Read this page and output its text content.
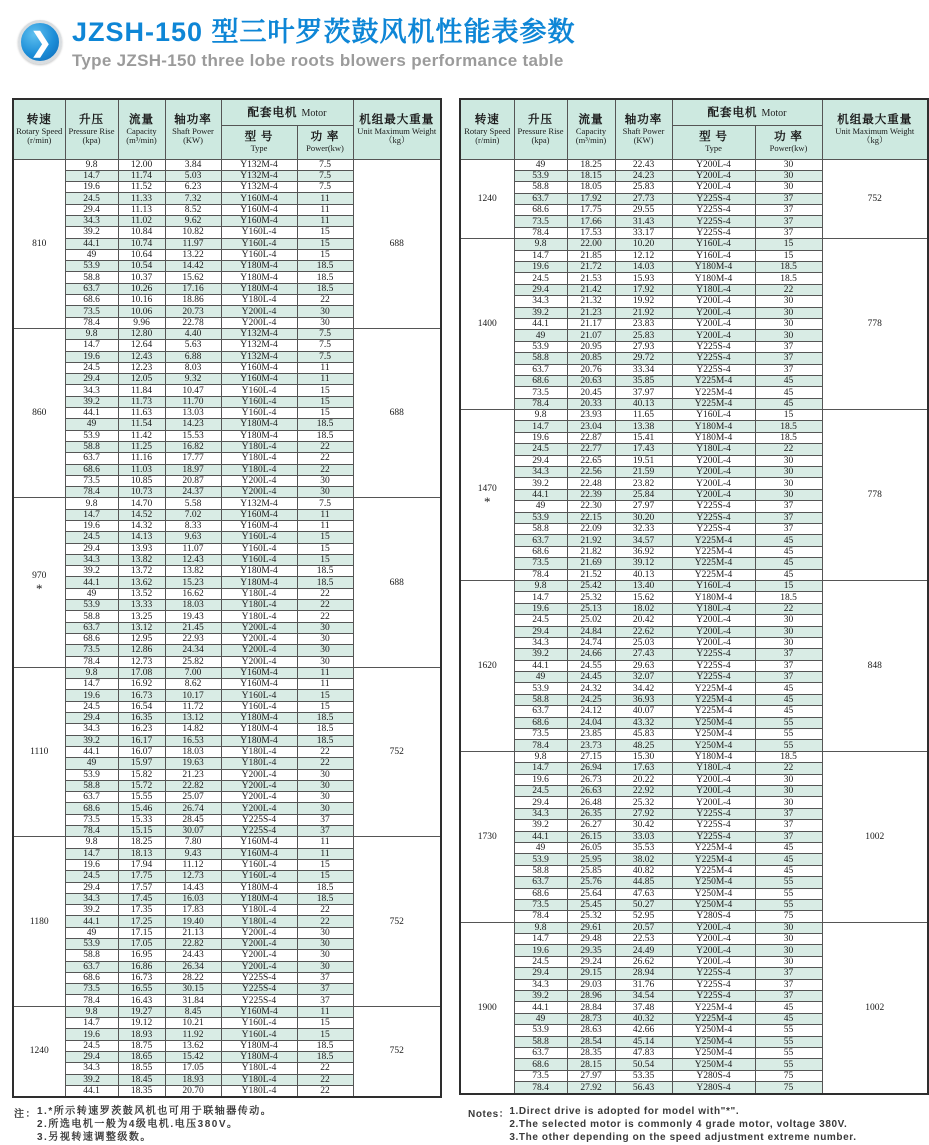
❯ JZSH-150 型三叶罗茨鼓风机性能表参数
Type JZSH-150 three lobe roots blowers performance table
转速
Rotary Speed
(r/min)

升压
Pressure Rise
(kpa)

流量
Capacity
(m³/min)

轴功率
Shaft Power
(KW)
	配套电机 Motor	机组最大重量
Unit Maximum Weight
（kg）

型 号
Type

功 率
Power(kw)

810	9.8	12.00	3.84	Y132M-4	7.5	688
	14.7	11.74	5.03	Y132M-4	7.5	
	19.6	11.52	6.23	Y132M-4	7.5	
	24.5	11.33	7.32	Y160M-4	11	
	29.4	11.13	8.52	Y160M-4	11	
	34.3	11.02	9.62	Y160M-4	11	
	39.2	10.84	10.82	Y160L-4	15	
	44.1	10.74	11.97	Y160L-4	15	
	49	10.64	13.22	Y160L-4	15	
	53.9	10.54	14.42	Y180M-4	18.5	
	58.8	10.37	15.62	Y180M-4	18.5	
	63.7	10.26	17.16	Y180M-4	18.5	
	68.6	10.16	18.86	Y180L-4	22	
	73.5	10.06	20.73	Y200L-4	30	
	78.4	9.96	22.78	Y200L-4	30	

860	9.8	12.80	4.40	Y132M-4	7.5	688
	14.7	12.64	5.63	Y132M-4	7.5	
	19.6	12.43	6.88	Y132M-4	7.5	
	24.5	12.23	8.03	Y160M-4	11	
	29.4	12.05	9.32	Y160M-4	11	
	34.3	11.84	10.47	Y160L-4	15	
	39.2	11.73	11.70	Y160L-4	15	
	44.1	11.63	13.03	Y160L-4	15	
	49	11.54	14.23	Y180M-4	18.5	
	53.9	11.42	15.53	Y180M-4	18.5	
	58.8	11.25	16.82	Y180L-4	22	
	63.7	11.16	17.77	Y180L-4	22	
	68.6	11.03	18.97	Y180L-4	22	
	73.5	10.85	20.87	Y200L-4	30	
	78.4	10.73	24.37	Y200L-4	30	

970
*	9.8	14.70	5.58	Y132M-4	7.5	688
	14.7	14.52	7.02	Y160M-4	11	
	19.6	14.32	8.33	Y160M-4	11	
	24.5	14.13	9.63	Y160L-4	15	
	29.4	13.93	11.07	Y160L-4	15	
	34.3	13.82	12.43	Y160L-4	15	
	39.2	13.72	13.82	Y180M-4	18.5	
	44.1	13.62	15.23	Y180M-4	18.5	
	49	13.52	16.62	Y180L-4	22	
	53.9	13.33	18.03	Y180L-4	22	
	58.8	13.25	19.43	Y180L-4	22	
	63.7	13.12	21.45	Y200L-4	30	
	68.6	12.95	22.93	Y200L-4	30	
	73.5	12.86	24.34	Y200L-4	30	
	78.4	12.73	25.82	Y200L-4	30	

1110	9.8	17.08	7.00	Y160M-4	11	752
	14.7	16.92	8.62	Y160M-4	11	
	19.6	16.73	10.17	Y160L-4	15	
	24.5	16.54	11.72	Y160L-4	15	
	29.4	16.35	13.12	Y180M-4	18.5	
	34.3	16.23	14.82	Y180M-4	18.5	
	39.2	16.17	16.53	Y180M-4	18.5	
	44.1	16.07	18.03	Y180L-4	22	
	49	15.97	19.63	Y180L-4	22	
	53.9	15.82	21.23	Y200L-4	30	
	58.8	15.72	22.82	Y200L-4	30	
	63.7	15.55	25.07	Y200L-4	30	
	68.6	15.46	26.74	Y200L-4	30	
	73.5	15.33	28.45	Y225S-4	37	
	78.4	15.15	30.07	Y225S-4	37	

1180	9.8	18.25	7.80	Y160M-4	11	752
	14.7	18.13	9.43	Y160M-4	11	
	19.6	17.94	11.12	Y160L-4	15	
	24.5	17.75	12.73	Y160L-4	15	
	29.4	17.57	14.43	Y180M-4	18.5	
	34.3	17.45	16.03	Y180M-4	18.5	
	39.2	17.35	17.83	Y180L-4	22	
	44.1	17.25	19.40	Y180L-4	22	
	49	17.15	21.13	Y200L-4	30	
	53.9	17.05	22.82	Y200L-4	30	
	58.8	16.95	24.43	Y200L-4	30	
	63.7	16.86	26.34	Y200L-4	30	
	68.6	16.73	28.22	Y225S-4	37	
	73.5	16.55	30.15	Y225S-4	37	
	78.4	16.43	31.84	Y225S-4	37	

1240	9.8	19.27	8.45	Y160M-4	11	752
	14.7	19.12	10.21	Y160L-4	15	
	19.6	18.93	11.92	Y160L-4	15	
	24.5	18.75	13.62	Y180M-4	18.5	
	29.4	18.65	15.42	Y180M-4	18.5	
	34.3	18.55	17.05	Y180L-4	22	
	39.2	18.45	18.93	Y180L-4	22	
	44.1	18.35	20.70	Y180L-4	22	
转速
Rotary Speed
(r/min)

升压
Pressure Rise
(kpa)

流量
Capacity
(m³/min)

轴功率
Shaft Power
(KW)
	配套电机 Motor	机组最大重量
Unit Maximum Weight
（kg）

型 号
Type

功 率
Power(kw)

1240	49	18.25	22.43	Y200L-4	30	752
	53.9	18.15	24.23	Y200L-4	30	
	58.8	18.05	25.83	Y200L-4	30	
	63.7	17.92	27.73	Y225S-4	37	
	68.6	17.75	29.55	Y225S-4	37	
	73.5	17.66	31.43	Y225S-4	37	
	78.4	17.53	33.17	Y225S-4	37	

1400	9.8	22.00	10.20	Y160L-4	15	778
	14.7	21.85	12.12	Y160L-4	15	
	19.6	21.72	14.03	Y180M-4	18.5	
	24.5	21.53	15.93	Y180M-4	18.5	
	29.4	21.42	17.92	Y180L-4	22	
	34.3	21.32	19.92	Y200L-4	30	
	39.2	21.23	21.92	Y200L-4	30	
	44.1	21.17	23.83	Y200L-4	30	
	49	21.07	25.83	Y200L-4	30	
	53.9	20.95	27.93	Y225S-4	37	
	58.8	20.85	29.72	Y225S-4	37	
	63.7	20.76	33.34	Y225S-4	37	
	68.6	20.63	35.85	Y225M-4	45	
	73.5	20.45	37.97	Y225M-4	45	
	78.4	20.33	40.13	Y225M-4	45	

1470
*	9.8	23.93	11.65	Y160L-4	15	778
	14.7	23.04	13.38	Y180M-4	18.5	
	19.6	22.87	15.41	Y180M-4	18.5	
	24.5	22.77	17.43	Y180L-4	22	
	29.4	22.65	19.51	Y200L-4	30	
	34.3	22.56	21.59	Y200L-4	30	
	39.2	22.48	23.82	Y200L-4	30	
	44.1	22.39	25.84	Y200L-4	30	
	49	22.30	27.97	Y225S-4	37	
	53.9	22.15	30.20	Y225S-4	37	
	58.8	22.09	32.33	Y225S-4	37	
	63.7	21.92	34.57	Y225M-4	45	
	68.6	21.82	36.92	Y225M-4	45	
	73.5	21.69	39.12	Y225M-4	45	
	78.4	21.52	40.13	Y225M-4	45	

1620	9.8	25.42	13.40	Y160L-4	15	848
	14.7	25.32	15.62	Y180M-4	18.5	
	19.6	25.13	18.02	Y180L-4	22	
	24.5	25.02	20.42	Y200L-4	30	
	29.4	24.84	22.62	Y200L-4	30	
	34.3	24.74	25.03	Y200L-4	30	
	39.2	24.66	27.43	Y225S-4	37	
	44.1	24.55	29.63	Y225S-4	37	
	49	24.45	32.07	Y225S-4	37	
	53.9	24.32	34.42	Y225M-4	45	
	58.8	24.25	36.93	Y225M-4	45	
	63.7	24.12	40.07	Y225M-4	45	
	68.6	24.04	43.32	Y250M-4	55	
	73.5	23.85	45.83	Y250M-4	55	
	78.4	23.73	48.25	Y250M-4	55	

1730	9.8	27.15	15.30	Y180M-4	18.5	1002
	14.7	26.94	17.63	Y180L-4	22	
	19.6	26.73	20.22	Y200L-4	30	
	24.5	26.63	22.92	Y200L-4	30	
	29.4	26.48	25.32	Y200L-4	30	
	34.3	26.35	27.92	Y225S-4	37	
	39.2	26.27	30.42	Y225S-4	37	
	44.1	26.15	33.03	Y225S-4	37	
	49	26.05	35.53	Y225M-4	45	
	53.9	25.95	38.02	Y225M-4	45	
	58.8	25.85	40.82	Y225M-4	45	
	63.7	25.76	44.85	Y250M-4	55	
	68.6	25.64	47.63	Y250M-4	55	
	73.5	25.45	50.27	Y250M-4	55	
	78.4	25.32	52.95	Y280S-4	75	

1900	9.8	29.61	20.57	Y200L-4	30	1002
	14.7	29.48	22.53	Y200L-4	30	
	19.6	29.35	24.49	Y200L-4	30	
	24.5	29.24	26.62	Y200L-4	30	
	29.4	29.15	28.94	Y225S-4	37	
	34.3	29.03	31.76	Y225S-4	37	
	39.2	28.96	34.54	Y225S-4	37	
	44.1	28.84	37.48	Y225M-4	45	
	49	28.73	40.32	Y225M-4	45	
	53.9	28.63	42.66	Y250M-4	55	
	58.8	28.54	45.14	Y250M-4	55	
	63.7	28.35	47.83	Y250M-4	55	
	68.6	28.15	50.54	Y250M-4	55	
	73.5	27.97	53.35	Y280S-4	75	
	78.4	27.92	56.43	Y280S-4	75	
注： 1.*所示转速罗茨鼓风机也可用于联轴器传动。
2.所选电机一般为4级电机.电压380V。
3.另视转速调整级数。
Notes： 1.Direct drive is adopted for model with"*".
2.The selected motor is commonly 4 grade motor, voltage 380V.
3.The other depending on the speed adjustment extreme number.
